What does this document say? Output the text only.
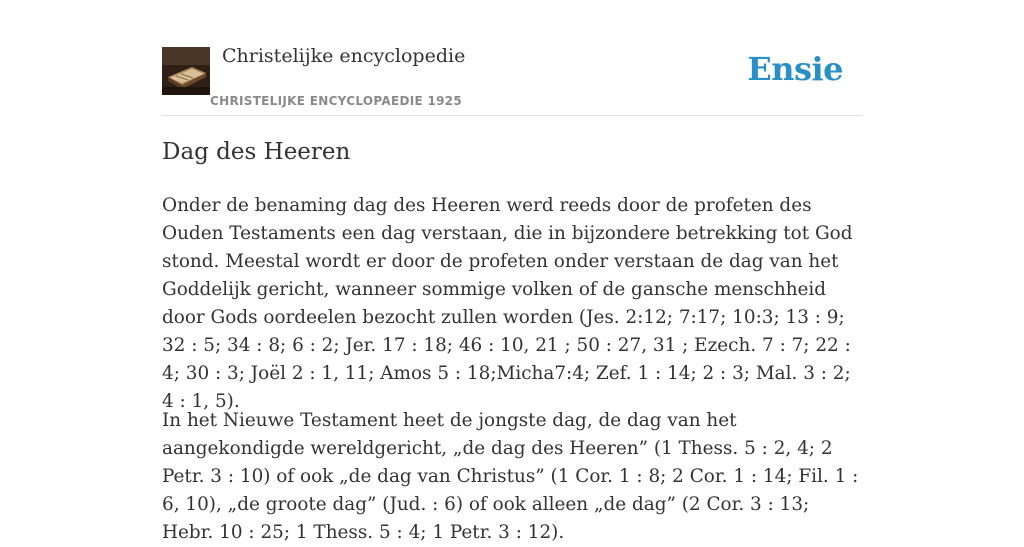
Christelijke encyclopedie
CHRISTELIJKE ENCYCLOPAEDIE 1925
Ensie
Dag des Heeren

Onder de benaming dag des Heeren werd reeds door de profeten des Ouden Testaments een dag verstaan, die in bijzondere betrekking tot God stond. Meestal wordt er door de profeten onder verstaan de dag van het Goddelijk gericht, wanneer sommige volken of de gansche menschheid door Gods oordeelen bezocht zullen worden (Jes. 2:12; 7:17; 10:3; 13 : 9; 32 : 5; 34 : 8; 6 : 2; Jer. 17 : 18; 46 : 10, 21 ; 50 : 27, 31 ; Ezech. 7 : 7; 22 : 4; 30 : 3; Joël 2 : 1, 11; Amos 5 : 18;Micha7:4; Zef. 1 : 14; 2 : 3; Mal. 3 : 2; 4 : 1, 5).

In het Nieuwe Testament heet de jongste dag, de dag van het aangekondigde wereldgericht, „de dag des Heeren” (1 Thess. 5 : 2, 4; 2 Petr. 3 : 10) of ook „de dag van Christus” (1 Cor. 1 : 8; 2 Cor. 1 : 14; Fil. 1 : 6, 10), „de groote dag” (Jud. : 6) of ook alleen „de dag” (2 Cor. 3 : 13; Hebr. 10 : 25; 1 Thess. 5 : 4; 1 Petr. 3 : 12).
